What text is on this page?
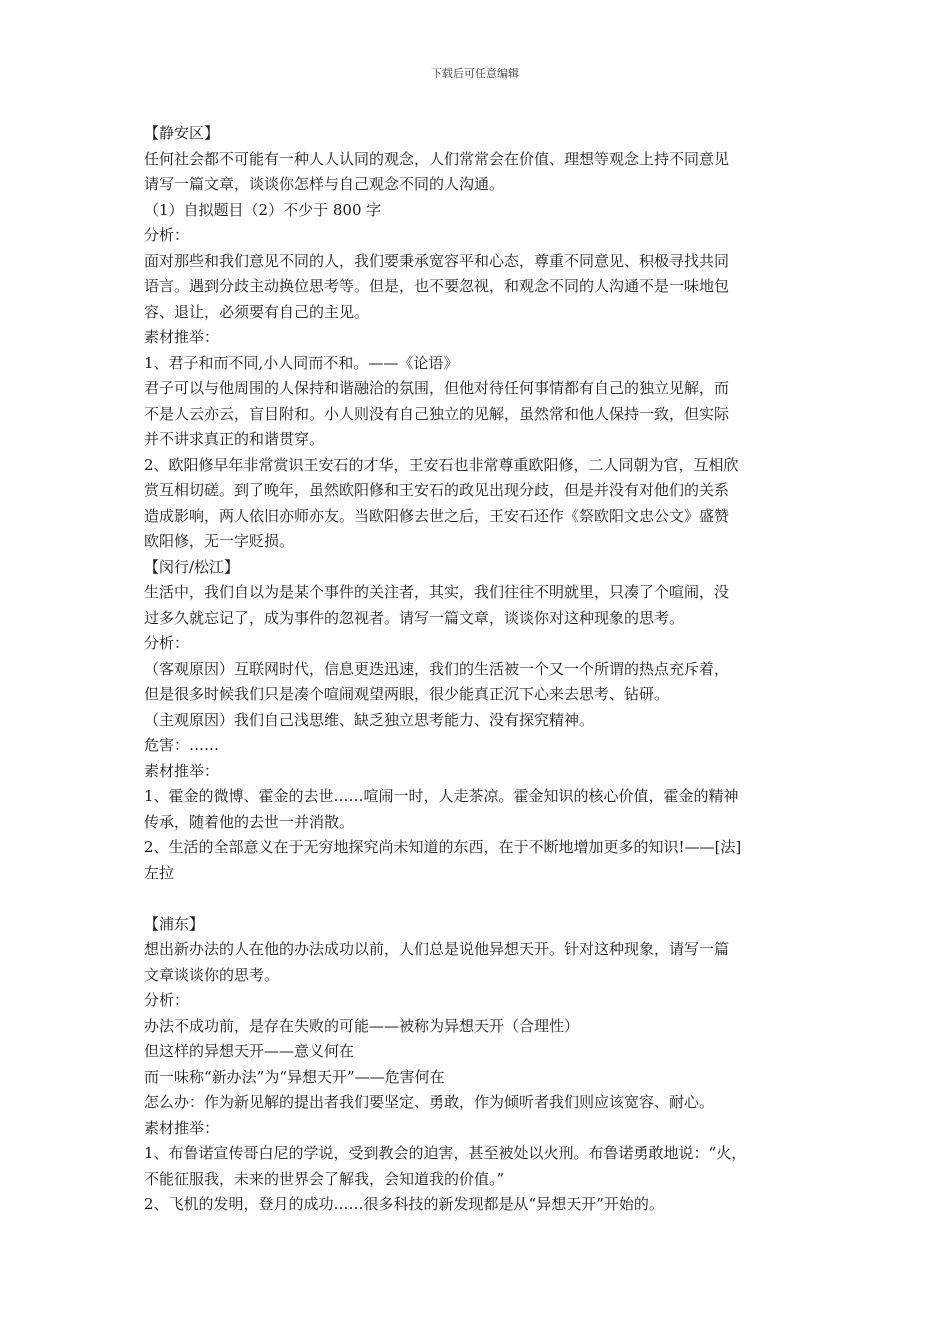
下载后可任意编辑
【静安区】
任何社会都不可能有一种人人认同的观念，人们常常会在价值、理想等观念上持不同意见
请写一篇文章，谈谈你怎样与自己观念不同的人沟通。
（1）自拟题目（2）不少于 800 字
分析：
面对那些和我们意见不同的人，我们要秉承宽容平和心态，尊重不同意见、积极寻找共同
语言。遇到分歧主动换位思考等。但是，也不要忽视，和观念不同的人沟通不是一味地包
容、退让，必须要有自己的主见。
素材推举：
1、君子和而不同,小人同而不和。——《论语》
君子可以与他周围的人保持和谐融洽的氛围，但他对待任何事情都有自己的独立见解，而
不是人云亦云，盲目附和。小人则没有自己独立的见解，虽然常和他人保持一致，但实际
并不讲求真正的和谐贯穿。
2、欧阳修早年非常赏识王安石的才华，王安石也非常尊重欧阳修，二人同朝为官，互相欣
赏互相切磋。到了晚年，虽然欧阳修和王安石的政见出现分歧，但是并没有对他们的关系
造成影响，两人依旧亦师亦友。当欧阳修去世之后，王安石还作《祭欧阳文忠公文》盛赞
欧阳修，无一字贬损。
【闵行/松江】
生活中，我们自以为是某个事件的关注者，其实，我们往往不明就里，只凑了个喧闹，没
过多久就忘记了，成为事件的忽视者。请写一篇文章，谈谈你对这种现象的思考。
分析：
（客观原因）互联网时代，信息更迭迅速，我们的生活被一个又一个所谓的热点充斥着，
但是很多时候我们只是凑个喧闹观望两眼，很少能真正沉下心来去思考、钻研。
（主观原因）我们自己浅思维、缺乏独立思考能力、没有探究精神。
危害：……
素材推举：
1、霍金的微博、霍金的去世……喧闹一时，人走茶凉。霍金知识的核心价值，霍金的精神
传承，随着他的去世一并消散。
2、生活的全部意义在于无穷地探究尚未知道的东西，在于不断地增加更多的知识!——[法]
左拉
【浦东】
想出新办法的人在他的办法成功以前，人们总是说他异想天开。针对这种现象，请写一篇
文章谈谈你的思考。
分析：
办法不成功前，是存在失败的可能——被称为异想天开（合理性）
但这样的异想天开——意义何在
而一味称“新办法”为“异想天开”——危害何在
怎么办：作为新见解的提出者我们要坚定、勇敢，作为倾听者我们则应该宽容、耐心。
素材推举：
1、布鲁诺宣传哥白尼的学说，受到教会的迫害，甚至被处以火刑。布鲁诺勇敢地说：“火，
不能征服我，未来的世界会了解我，会知道我的价值。”
2、飞机的发明，登月的成功……很多科技的新发现都是从“异想天开”开始的。
